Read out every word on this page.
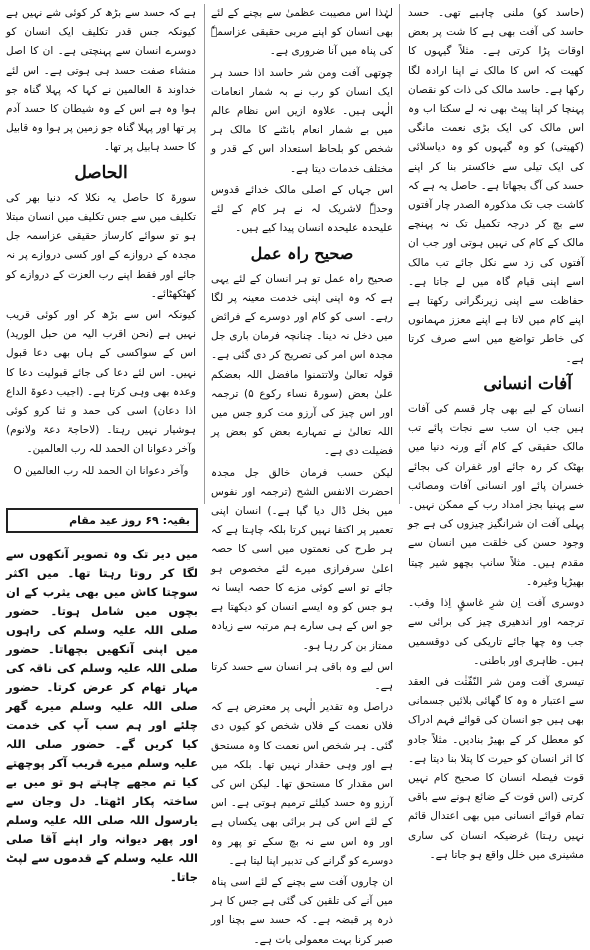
(حاسد کو) ملنی چاہیے تھی۔ حسد حاسد کی آفت بھی ہے کا شت پر بعض اوقات پڑا کرتی ہے۔ مثلاً گیہوں کا کھیت کہ اس کا مالک نے اپنا ارادہ لگا رکھا ہے۔ حاسد مالک کی ذات کو نقصان پہنچا کر اپنا پیٹ بھی نہ لے سکتا اب وہ اس مالک کی ایک بڑی نعمت مانگی (کھیتی) کو وہ گیہوں کو وہ دیاسلائی کی ایک تیلی سے خاکستر بنا کر اپنے حسد کی آگ بجھاتا ہے۔ حاصل یہ ہے کہ کاشت جب تک مذکورہ الصدر چار آفتوں سے بچ کر درجہ تکمیل تک نہ پہنچے مالک کے کام کی نہیں ہوتی اور جب ان آفتوں کی زد سے نکل جائے تب مالک اسے اپنی قیام گاہ میں لے جاتا ہے۔ حفاظت سے اپنی زیرنگرانی رکھتا ہے اپنے کام میں لاتا ہے اپنے معزز مہمانوں کی خاطر تواضع میں اسے صرف کرتا ہے۔

آفات انسانی

انسان کے لیے بھی چار قسم کی آفات ہیں جب ان سب سے نجات پائے تب مالک حقیقی کے کام آئے ورنہ دنیا میں بھٹک کر رہ جائے اور غفران کی بجائے خسران پائے اور انسانی آفات ومصائب سے پہنیا بجز امداد رب کے ممکن نہیں۔ پہلی آفت ان شرانگیز چیزوں کی ہے جو وجود حسن کی خلقت میں انسان سے مقدم ہیں۔ مثلاً سانپ بچھو شیر چیتا بھیڑیا وغیرہ۔

دوسری آفت اِن شرِ غاسقٍ اِذا وقب۔ ترجمہ اور اندھیری چیز کی برائی سے جب وہ چھا جائے تاریکی کی دوقسمیں ہیں۔ ظاہری اور باطنی۔

تیسری آفت ومن شر النّفّثٰت فی العقد سے اعتبار ہ وہ کا گھائی بلائیں جسمانی بھی ہیں جو انسان کی قوائے فہم ادراک کو معطل کر کے بھیڑ بنادیں۔ مثلاً جادو کا اثر انسان کو حیرت کا پتلا بنا دیتا ہے۔ قوت فیصلہ انسان کا صحیح کام نہیں کرتی (اس قوت کے ضائع ہونے سے باقی تمام قوائے انسانی میں بھی اعتدال قائم نہیں رہتا) غرضیکہ انسان کی ساری مشینری میں خلل واقع ہو جاتا ہے۔

لہٰذا اس مصیبت عظمیٰ سے بچنے کے لئے بھی انسان کو اپنے مربی حقیقی عزاسمہٗ کی پناہ میں آنا ضروری ہے۔

چوتھی آفت ومن شر حاسد اذا حسد ہر ایک انسان کو رب نے بہ شمار انعامات الٰہی ہیں۔ علاوہ ازیں اس نظام عالم میں بے شمار انعام بانٹنے کا مالک ہر شخص کو بلحاظ استعداد اس کے قدر و مختلف خدمات دیتا ہے۔

اس جہاں کے اصلی مالک خدائے قدوس وحدہٗ لاشریک لہ نے ہر کام کے لئے علیحدہ علیحدہ انسان پیدا کیے ہیں۔

صحیح راہ عمل

صحیح راہ عمل تو ہر انسان کے لئے یہی ہے کہ وہ اپنی اپنی خدمت معینہ پر لگا رہے۔ اسی کو کام اور دوسرے کے فرائض میں دخل نہ دینا۔ چنانچہ فرمان باری جل مجدہ اس امر کی تصریح کر دی گئی ہے۔ قولہ تعالیٰ ولاتتمنوا مافضل اللہ بعضکم علیٰ بعض (سورۃ نساء رکوع ۵) ترجمہ اور اس چیز کی آرزو مت کرو جس میں اللہ تعالیٰ نے تمہارے بعض کو بعض پر فضیلت دی ہے۔

لیکن حسب فرمان خالق جل مجدہ احضرت الانفس الشح (ترجمہ اور نفوس میں بخل ڈال دیا گیا ہے۔) انسان اپنی تعمیر پر اکتفا نہیں کرتا بلکہ چاہتا ہے کہ ہر طرح کی نعمتوں میں اسی کا حصہ اعلیٰ سرفرازی میرے لئے مخصوص ہو جائے تو اسے کوئی مزے کا حصہ ایسا نہ ہو جس کو وہ ایسے انسان کو دیکھتا ہے جو اس کے ہی سارے ہم مرتبہ سے زیادہ ممتاز بن کر رہا ہو۔

اس لیے وہ باقی ہر انسان سے حسد کرتا ہے۔

دراصل وہ تقدیر الٰہی پر معترض ہے کہ فلاں نعمت کے فلاں شخص کو کیوں دی گئی۔ ہر شخص اس نعمت کا وہ مستحق ہے اور وہی حقدار نہیں تھا۔ بلکہ میں اس مقدار کا مستحق تھا۔ لیکن اس کی آرزو وہ حسد کیلئے ترمیم ہوتی ہے۔ اس کے لئے اس کی ہر برائی بھی یکساں ہے اور وہ اس سے نہ بچ سکے تو پھر وہ دوسرے کو گرانے کی تدبیر اپنا لیتا ہے۔

ان چاروں آفت سے بچنے کے لئے اسی پناہ میں آنے کی تلقین کی گئی ہے جس کا ہر ذرہ پر قبضہ ہے۔ کہ حسد سے بچنا اور صبر کرنا بہت معمولی بات ہے۔

ہے کہ حسد سے بڑھ کر کوئی شے نہیں ہے کیونکہ جس قدر تکلیف ایک انسان کو دوسرے انسان سے پہنچتی ہے۔ ان کا اصل منشاء صفت حسد ہی ہوتی ہے۔ اس لئے خداوند ۃ العالمین نے کہا کہ پہلا گناہ جو ہوا وہ ہے اس کے وہ شیطان کا حسد آدم پر تھا اور پہلا گناہ جو زمین پر ہوا وہ قابیل کا حسد ہابیل پر تھا۔

الحاصل

سورۃ کا حاصل یہ نکلا کہ دنیا بھر کی تکلیف میں سے جس تکلیف میں انسان مبتلا ہو تو سوائے کارساز حقیقی عزاسمہ جل مجدہ کے دروازے کے اور کسی دروازے پر نہ جائے اور فقط اپنے رب العزت کے دروازے کو کھٹکھٹائے۔

کیونکہ اس سے بڑھ کر اور کوئی قریب نہیں ہے (نحن اقرب الیہ من حبل الورید) اس کے سواکسی کے ہاں بھی دعا قبول نہیں۔ اس لئے دعا کی جائے قبولیت دعا کا وعدہ بھی وہی کرتا ہے۔ (اجیب دعوۃ الداع اذا دعان) اسی کی حمد و ثنا کرو کوئی ہوشیار نہیں رہتا۔ (لاحاجۃ دعۃ ولانوم) وآخر دعوانا ان الحمد للہ رب العالمین۔

وآخر دعوانا ان الحمد للہ رب العالمین O

بقیہ: ۶۹ روز عید مقام

میں دیر تک وہ تصویر آنکھوں سے لگا کر روتا رہتا تھا۔ میں اکثر سوچتا کاش میں بھی یثرب کے ان بچوں میں شامل ہوتا۔ حضور صلی اللہ علیہ وسلم کی راہوں میں اپنی آنکھیں بچھاتا۔ حضور صلی اللہ علیہ وسلم کی ناقہ کی مہار تھام کر عرض کرتا۔ حضور صلی اللہ علیہ وسلم میرے گھر چلئے اور ہم سب آپ کی خدمت کیا کریں گے۔ حضور صلی اللہ علیہ وسلم میرے قریب آکر پوچھتے کیا تم مجھے چاہتے ہو تو میں بے ساختہ پکار اٹھتا۔ دل وجان سے یارسول اللہ صلی اللہ علیہ وسلم اور پھر دیوانہ وار اپنے آقا صلی اللہ علیہ وسلم کے قدموں سے لپٹ جاتا۔
